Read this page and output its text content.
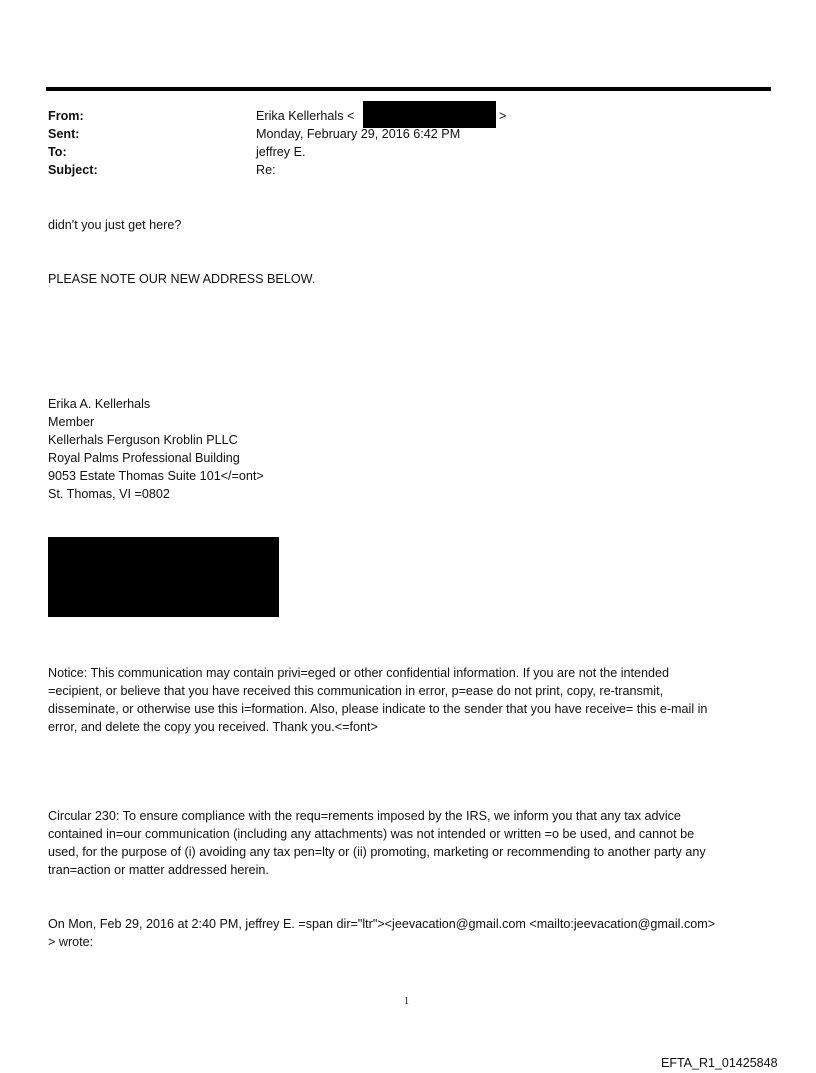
From:	Erika Kellerhals <	>
Sent:	Monday, February 29, 2016 6:42 PM
To:	jeffrey E.
Subject:	Re:
didn't you just get here?
PLEASE NOTE OUR NEW ADDRESS BELOW.
Erika A. Kellerhals
Member
Kellerhals Ferguson Kroblin PLLC
Royal Palms Professional Building
9053 Estate Thomas Suite 101</=ont>
St. Thomas, VI =0802
Notice: This communication may contain privi=eged or other confidential information. If you are not the intended
=ecipient, or believe that you have received this communication in error, p=ease do not print, copy, re-transmit,
disseminate, or otherwise use this i=formation. Also, please indicate to the sender that you have receive= this e-mail in
error, and delete the copy you received. Thank you.<=font>
Circular 230: To ensure compliance with the requ=rements imposed by the IRS, we inform you that any tax advice
contained in=our communication (including any attachments) was not intended or written =o be used, and cannot be
used, for the purpose of (i) avoiding any tax pen=lty or (ii) promoting, marketing or recommending to another party any
tran=action or matter addressed herein.
On Mon, Feb 29, 2016 at 2:40 PM, jeffrey E. =span dir="ltr"><jeevacation@gmail.com <mailto:jeevacation@gmail.com>
> wrote:
1
EFTA_R1_01425848
